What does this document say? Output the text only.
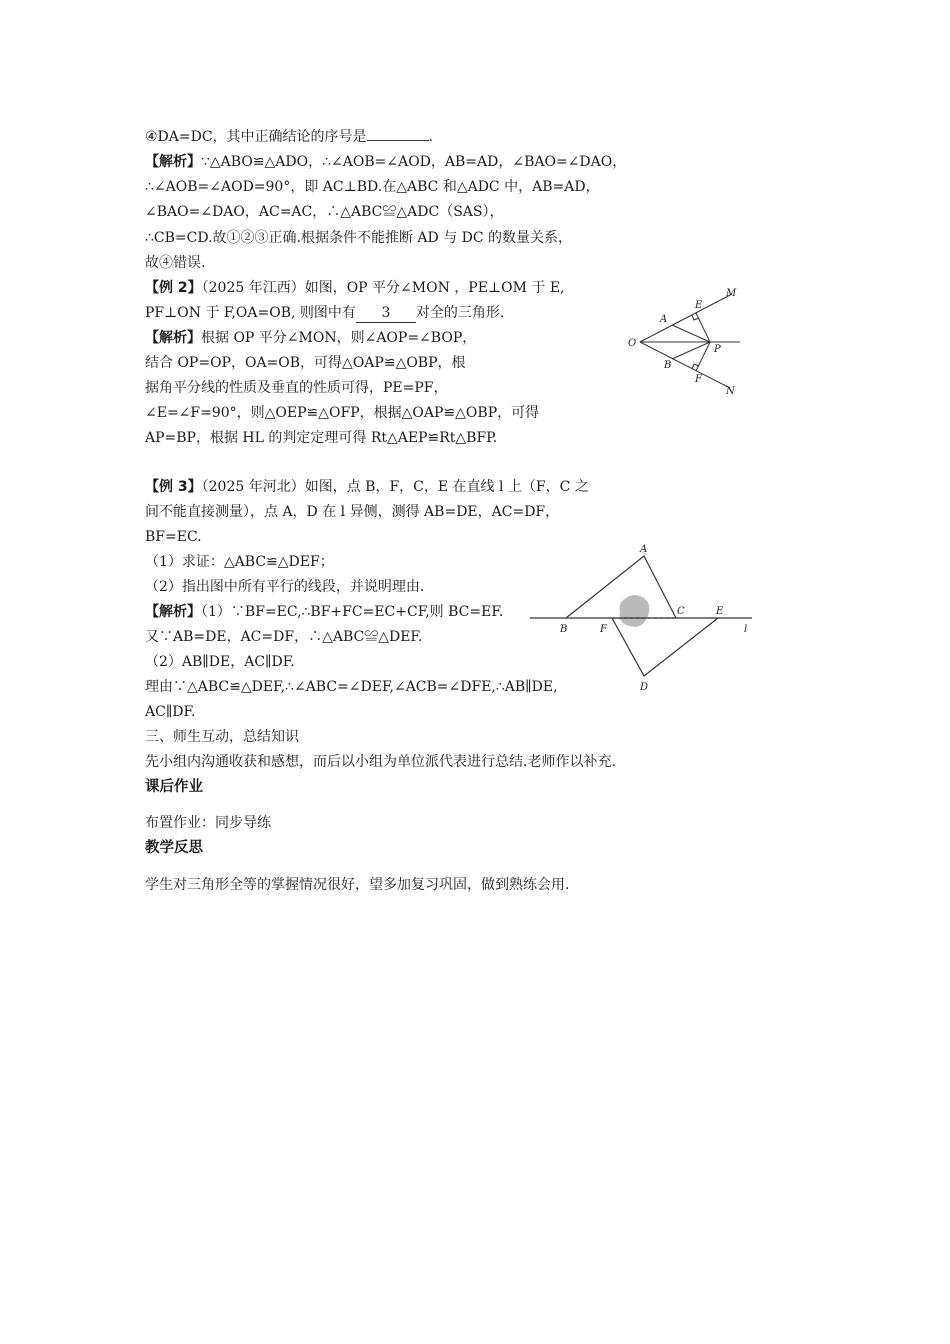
④DA=DC，其中正确结论的序号是	.
【解析】∵△ABO≌△ADO，∴∠AOB=∠AOD，AB=AD，∠BAO=∠DAO，
∴∠AOB=∠AOD=90°，即 AC⊥BD.在△ABC 和△ADC 中，AB=AD，
∠BAO=∠DAO，AC=AC，∴△ABC≌△ADC（SAS），
∴CB=CD.故①②③正确.根据条件不能推断 AD 与 DC 的数量关系，
故④错误.
【例 2】（2025 年江西）如图，OP 平分∠MON ，PE⊥OM 于 E,
PF⊥ON 于 F,OA=OB, 则图中有 3 对全的三角形.
【解析】根据 OP 平分∠MON，则∠AOP=∠BOP，
结合 OP=OP，OA=OB，可得△OAP≌△OBP，根
据角平分线的性质及垂直的性质可得，PE=PF，
∠E=∠F=90°，则△OEP≌△OFP，根据△OAP≌△OBP，可得
AP=BP，根据 HL 的判定定理可得 Rt△AEP≌Rt△BFP.
【例 3】（2025 年河北）如图，点 B，F，C，E 在直线 l 上（F，C 之
间不能直接测量），点 A，D 在 l 异侧，测得 AB=DE，AC=DF，
BF=EC.
（1）求证：△ABC≌△DEF；
（2）指出图中所有平行的线段，并说明理由.
【解析】（1）∵BF=EC,∴BF+FC=EC+CF,则 BC=EF.
又∵AB=DE，AC=DF，∴△ABC≌△DEF.
（2）AB∥DE，AC∥DF.
理由∵△ABC≌△DEF,∴∠ABC=∠DEF,∠ACB=∠DFE,∴AB∥DE,
AC∥DF.
三、师生互动，总结知识
先小组内沟通收获和感想，而后以小组为单位派代表进行总结.老师作以补充.
课后作业
布置作业：同步导练
教学反思
学生对三角形全等的掌握情况很好，望多加复习巩固，做到熟练会用.
O
A
B
E
F
P
M
N
A
B
C
D
E
F	l
